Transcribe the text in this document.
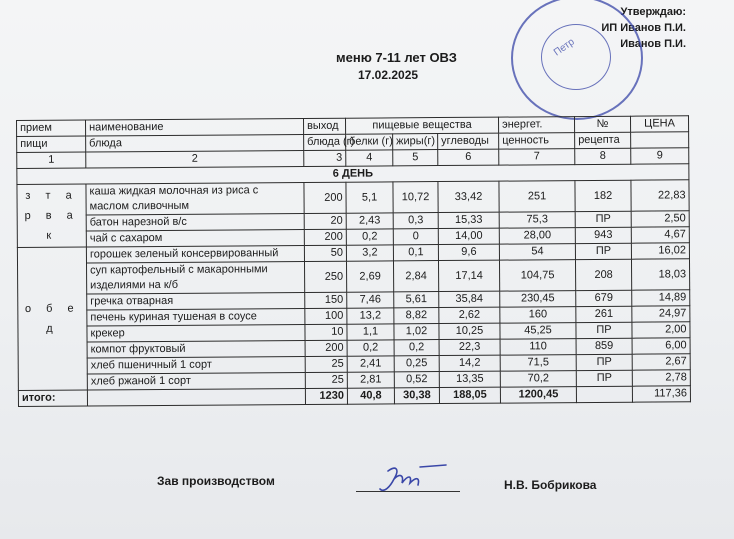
Утверждаю:
ИП Иванов П.И.
Иванов П.И.
Петр
меню 7-11 лет ОВЗ
17.02.2025
прием	наименование	выход	пищевые вещества			энергет.	№	ЦЕНА
пищи	блюда	блюда (г)	белки (г)	жиры(г)	углеводы	ценность	рецепта	
1	2	3	4	5	6	7	8	9
6 ДЕНЬ								
з т а р в а к	каша жидкая молочная из риса с маслом сливочным	200	5,1	10,72	33,42	251	182	22,83
	батон нарезной в/с	20	2,43	0,3	15,33	75,3	ПР	2,50
	чай с сахаром	200	0,2	0	14,00	28,00	943	4,67
о б е д	горошек зеленый консервированный	50	3,2	0,1	9,6	54	ПР	16,02
	суп картофельный с макаронными изделиями на к/б	250	2,69	2,84	17,14	104,75	208	18,03
	гречка отварная	150	7,46	5,61	35,84	230,45	679	14,89
	печень куриная тушеная в соусе	100	13,2	8,82	2,62	160	261	24,97
	крекер	10	1,1	1,02	10,25	45,25	ПР	2,00
	компот фруктовый	200	0,2	0,2	22,3	110	859	6,00
	хлеб пшеничный 1 сорт	25	2,41	0,25	14,2	71,5	ПР	2,67
	хлеб ржаной 1 сорт	25	2,81	0,52	13,35	70,2	ПР	2,78
итого:		1230	40,8	30,38	188,05	1200,45		117,36
Зав производством	Н.В. Бобрикова
